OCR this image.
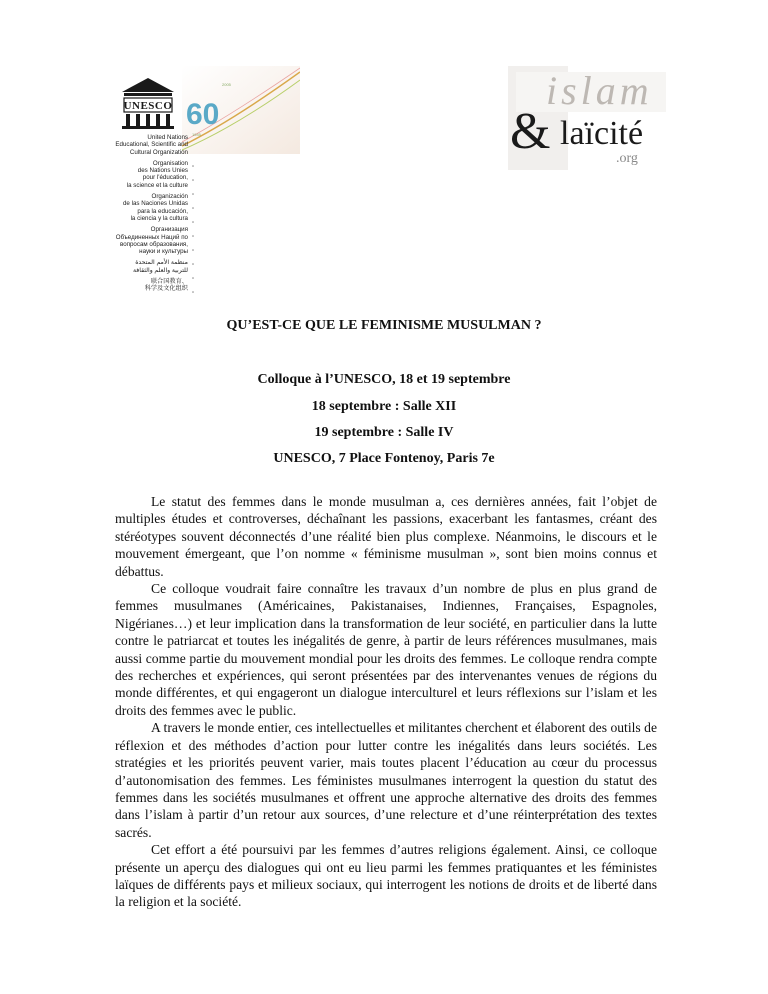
UNESCO
2005
60
1945
United Nations
Educational, Scientific and
Cultural Organization
Organisation
des Nations Unies
pour l'éducation,
la science et la culture
Organización
de las Naciones Unidas
para la educación,
la ciencia y la cultura
Организация
Объединенных Наций по
вопросам образования,
науки и культуры
منظمة الأمم المتحدة
للتربية والعلم والثقافة
联合国教育、
科学及文化组织
islam
& laïcité
.org
QU’EST-CE QUE LE FEMINISME MUSULMAN ?
Colloque à l’UNESCO, 18 et 19 septembre
18 septembre : Salle XII
19 septembre : Salle IV
UNESCO, 7 Place Fontenoy, Paris 7e

Le statut des femmes dans le monde musulman a, ces dernières années, fait l’objet de multiples études et controverses, déchaînant les passions, exacerbant les fantasmes, créant des stéréotypes souvent déconnectés d’une réalité bien plus complexe. Néanmoins, le discours et le mouvement émergeant, que l’on nomme « féminisme musulman », sont bien moins connus et débattus.

Ce colloque voudrait faire connaître les travaux d’un nombre de plus en plus grand de femmes musulmanes (Américaines, Pakistanaises, Indiennes, Françaises, Espagnoles, Nigérianes…) et leur implication dans la transformation de leur société, en particulier dans la lutte contre le patriarcat et toutes les inégalités de genre, à partir de leurs références musulmanes, mais aussi comme partie du mouvement mondial pour les droits des femmes. Le colloque rendra compte des recherches et expériences, qui seront présentées par des intervenantes venues de régions du monde différentes, et qui engageront un dialogue interculturel et leurs réflexions sur l’islam et les droits des femmes avec le public.

A travers le monde entier, ces intellectuelles et militantes cherchent et élaborent des outils de réflexion et des méthodes d’action pour lutter contre les inégalités dans leurs sociétés. Les stratégies et les priorités peuvent varier, mais toutes placent l’éducation au cœur du processus d’autonomisation des femmes. Les féministes musulmanes interrogent la question du statut des femmes dans les sociétés musulmanes et offrent une approche alternative des droits des femmes dans l’islam à partir d’un retour aux sources, d’une relecture et d’une réinterprétation des textes sacrés.

Cet effort a été poursuivi par les femmes d’autres religions également. Ainsi, ce colloque présente un aperçu des dialogues qui ont eu lieu parmi les femmes pratiquantes et les féministes laïques de différents pays et milieux sociaux, qui interrogent les notions de droits et de liberté dans la religion et la société.
